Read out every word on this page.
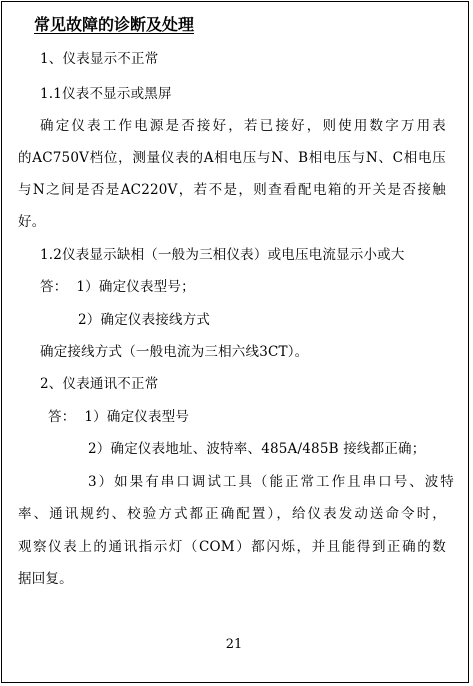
常见故障的诊断及处理
1、仪表显示不正常
1.1仪表不显示或黑屏
确定仪表工作电源是否接好，若已接好，则使用数字万用表
的AC750V档位，测量仪表的A相电压与N、B相电压与N、C相电压
与N之间是否是AC220V，若不是，则查看配电箱的开关是否接触
好。
1.2仪表显示缺相（一般为三相仪表）或电压电流显示小或大
答：  1）确定仪表型号；
2）确定仪表接线方式
确定接线方式（一般电流为三相六线3CT）。
2、仪表通讯不正常
答：  1）确定仪表型号
2）确定仪表地址、波特率、485A/485B 接线都正确；
3）如果有串口调试工具（能正常工作且串口号、波特
率、通讯规约、校验方式都正确配置），给仪表发动送命令时，
观察仪表上的通讯指示灯（COM）都闪烁，并且能得到正确的数
据回复。
21
